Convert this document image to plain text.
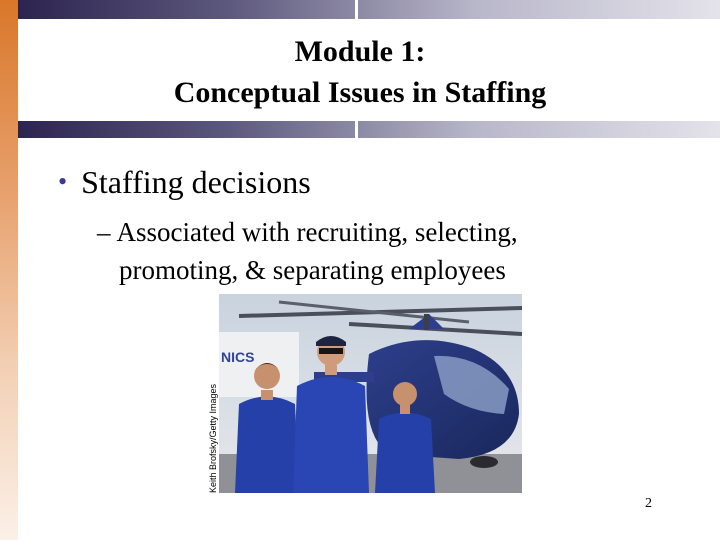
Module 1:
Conceptual Issues in Staffing
• Staffing decisions
– Associated with recruiting, selecting,
promoting, & separating employees
NICS
Keith Brofsky/Getty Images
2
